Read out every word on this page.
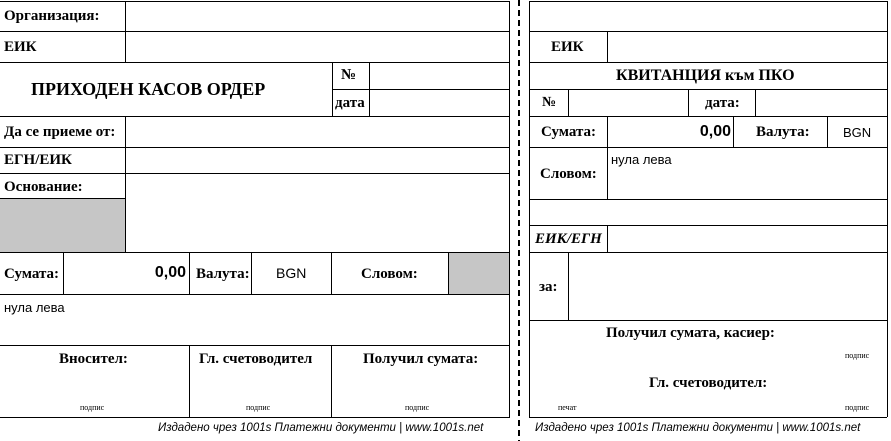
Организация:
ЕИК
ПРИХОДЕН КАСОВ ОРДЕР
№
дата
Да се приеме от:
ЕГН/ЕИК
Основание:
Сумата:	0,00 Валута: BGN	Словом:
нула лева
Вносител:	Гл. счетоводител	Получил сумата:
подпис	подпис	подпис
Издадено чрез 1001s Платежни документи | www.1001s.net
ЕИК
КВИТАНЦИЯ към ПКО
№	дата:
Сумата:	0,00 Валута:	BGN
Словом:
нула лева
ЕИК/ЕГН
за:
Получил сумата, касиер:
подпис
Гл. счетоводител:
печат	подпис
Издадено чрез 1001s Платежни документи | www.1001s.net
